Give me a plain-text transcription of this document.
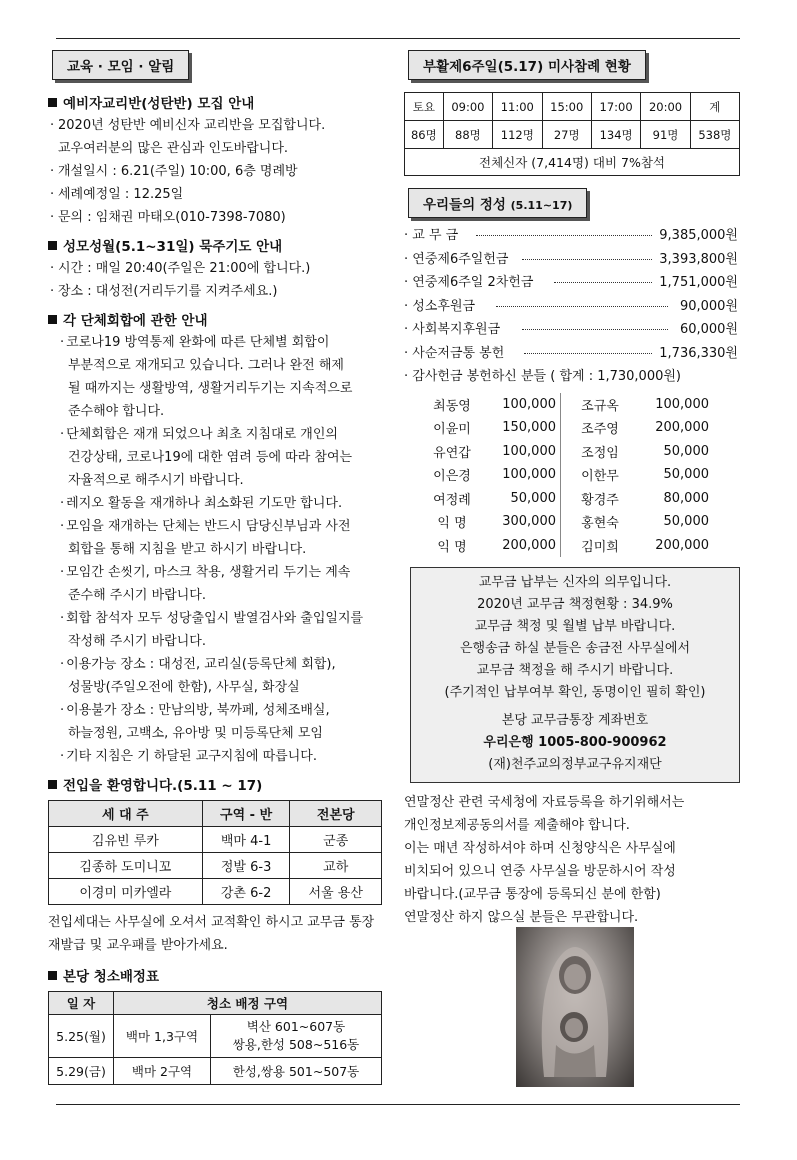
교육 · 모임 · 알림
예비자교리반(성탄반) 모집 안내
· 2020년 성탄반 예비신자 교리반을 모집합니다.
교우여러분의 많은 관심과 인도바랍니다.
· 개설일시 : 6.21(주일) 10:00, 6층 명례방
· 세례예정일 : 12.25일
· 문의 : 임채권 마태오(010-7398-7080)
성모성월(5.1~31일) 묵주기도 안내
· 시간 : 매일 20:40(주일은 21:00에 합니다.)
· 장소 : 대성전(거리두기를 지켜주세요.)
각 단체회합에 관한 안내
· 코로나19 방역통제 완화에 따른 단체별 회합이
부분적으로 재개되고 있습니다. 그러나 완전 해제
될 때까지는 생활방역, 생활거리두기는 지속적으로
준수해야 합니다.
· 단체회합은 재개 되었으나 최초 지침대로 개인의
건강상태, 코로나19에 대한 염려 등에 따라 참여는
자율적으로 해주시기 바랍니다.
· 레지오 활동을 재개하나 최소화된 기도만 합니다.
· 모임을 재개하는 단체는 반드시 담당신부님과 사전
회합을 통해 지침을 받고 하시기 바랍니다.
· 모임간 손씻기, 마스크 착용, 생활거리 두기는 계속
준수해 주시기 바랍니다.
· 회합 참석자 모두 성당출입시 발열검사와 출입일지를
작성해 주시기 바랍니다.
· 이용가능 장소 : 대성전, 교리실(등록단체 회합),
성물방(주일오전에 한함), 사무실, 화장실
· 이용불가 장소 : 만남의방, 북까페, 성체조배실,
하늘정원, 고백소, 유아방 및 미등록단체 모임
· 기타 지침은 기 하달된 교구지침에 따릅니다.
전입을 환영합니다.(5.11 ~ 17)
세 대 주	구역 - 반	전본당
김유빈 루카	백마 4-1	군종
김종하 도미니꼬	정발 6-3	교하
이경미 미카엘라	강촌 6-2	서울 용산
전입세대는 사무실에 오셔서 교적확인 하시고 교무금 통장
재발급 및 교우패를 받아가세요.
본당 청소배정표
일 자	청소 배정 구역	
5.25(월)	백마 1,3구역	벽산 601~607동
쌍용,한성 508~516동
5.29(금)	백마 2구역	한성,쌍용 501~507동
부활제6주일(5.17) 미사참례 현황
토요	09:00	11:00	15:00	17:00	20:00	계
86명	88명	112명	27명	134명	91명	538명
전체신자 (7,414명) 대비 7%참석						
우리들의 정성 (5.11~17)
· 교 무 금	9,385,000원
· 연중제6주일헌금	3,393,800원
· 연중제6주일 2차헌금	1,751,000원
· 성소후원금	90,000원
· 사회복지후원금	60,000원
· 사순저금통 봉헌	1,736,330원
· 감사헌금 봉헌하신 분들 ( 합계 : 1,730,000원)
최동영	100,000	조규옥	100,000
이윤미	150,000	조주영	200,000
유연갑	100,000	조정임	50,000
이은경	100,000	이한무	50,000
여정례	50,000	황경주	80,000
익 명	300,000	홍현숙	50,000
익 명	200,000	김미희	200,000
교무금 납부는 신자의 의무입니다.
2020년 교무금 책정현황 : 34.9%
교무금 책정 및 월별 납부 바랍니다.
은행송금 하실 분들은 송금전 사무실에서
교무금 책정을 해 주시기 바랍니다.
(주기적인 납부여부 확인, 동명이인 필히 확인)
본당 교무금통장 계좌번호
우리은행 1005-800-900962
(재)천주교의정부교구유지재단
연말정산 관련 국세청에 자료등록을 하기위해서는
개인정보제공동의서를 제출해야 합니다.
이는 매년 작성하셔야 하며 신청양식은 사무실에
비치되어 있으니 연중 사무실을 방문하시어 작성
바랍니다.(교무금 통장에 등록되신 분에 한함)
연말정산 하지 않으실 분들은 무관합니다.
